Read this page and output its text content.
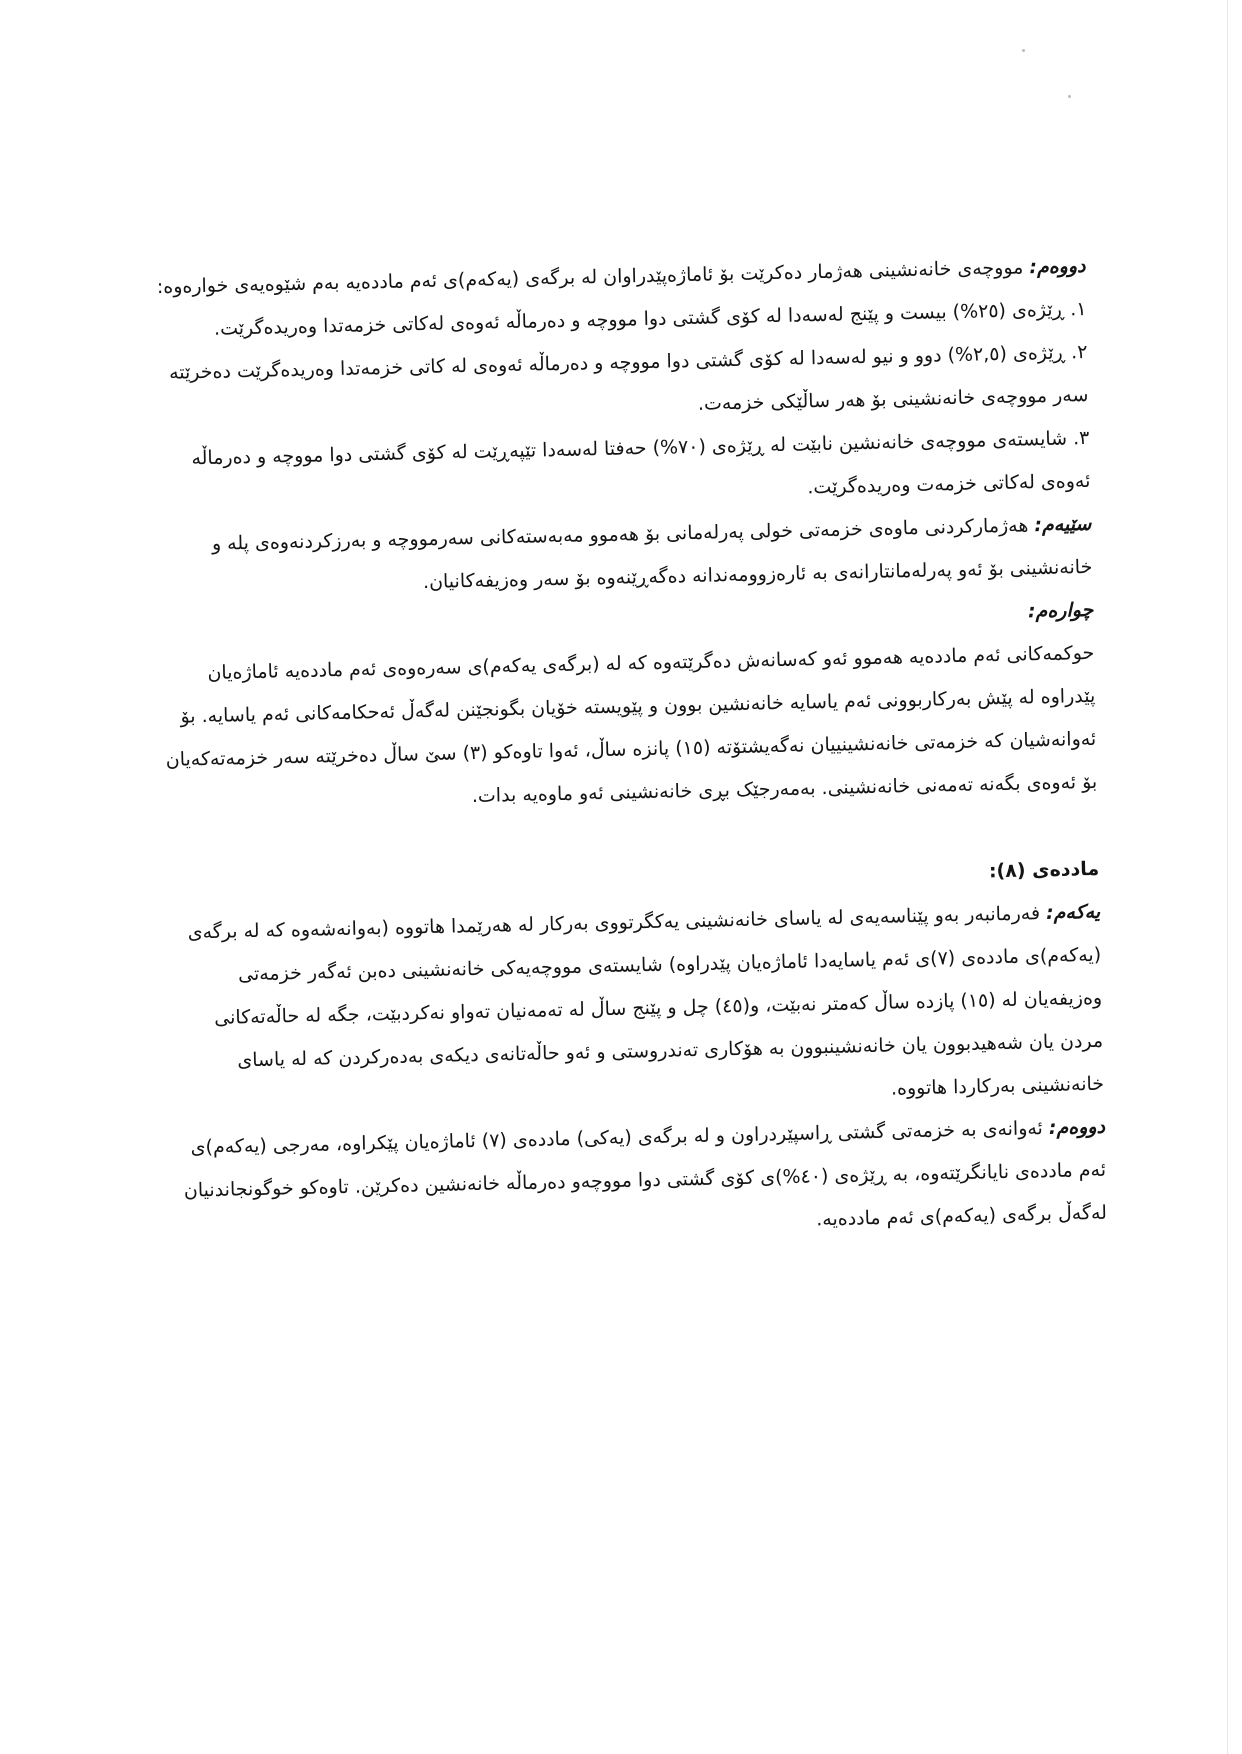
دووەم: مووچەی خانەنشینی هەژمار دەکرێت بۆ ئاماژەپێدراوان لە برگەی (یەکەم)ی ئەم ماددەیە بەم شێوەیەی خوارەوە:

١. ڕێژەی (٢٥%) بیست و پێنج لەسەدا لە کۆی گشتی دوا مووچە و دەرماڵە ئەوەی لەکاتی خزمەتدا وەریدەگرێت.

٢. ڕێژەی (٢,٥%) دوو و نیو لەسەدا لە کۆی گشتی دوا مووچە و دەرماڵە ئەوەی لە کاتی خزمەتدا وەریدەگرێت دەخرێتە سەر مووچەی خانەنشینی بۆ هەر ساڵێکی خزمەت.

٣. شایستەی مووچەی خانەنشین نابێت لە ڕێژەی (٧٠%) حەفتا لەسەدا تێپەڕێت لە کۆی گشتی دوا مووچە و دەرماڵە ئەوەی لەکاتی خزمەت وەریدەگرێت.

سێیەم: هەژمارکردنی ماوەی خزمەتی خولی پەرلەمانی بۆ هەموو مەبەستەکانی سەرمووچە و بەرزکردنەوەی پلە و خانەنشینی بۆ ئەو پەرلەمانتارانەی بە ئارەزوومەندانە دەگەڕێنەوە بۆ سەر وەزیفەکانیان.

چوارەم:

حوکمەکانی ئەم ماددەیە هەموو ئەو کەسانەش دەگرێتەوە کە لە (برگەی یەکەم)ی سەرەوەی ئەم ماددەیە ئاماژەیان پێدراوە لە پێش بەرکاربوونی ئەم یاسایە خانەنشین بوون و پێویستە خۆیان بگونجێنن لەگەڵ ئەحکامەکانی ئەم یاسایە. بۆ ئەوانەشیان کە خزمەتی خانەنشینییان نەگەیشتۆتە (١٥) پانزە ساڵ، ئەوا تاوەکو (٣) سێ ساڵ دەخرێتە سەر خزمەتەکەیان بۆ ئەوەی بگەنە تەمەنی خانەنشینی. بەمەرجێک بڕی خانەنشینی ئەو ماوەیە بدات.

ماددەی (٨):

یەکەم: فەرمانبەر بەو پێناسەیەی لە یاسای خانەنشینی یەکگرتووی بەرکار لە هەرێمدا هاتووە (بەوانەشەوە کە لە برگەی (یەکەم)ی ماددەی (٧)ی ئەم یاسایەدا ئاماژەیان پێدراوە) شایستەی مووچەیەکی خانەنشینی دەبن ئەگەر خزمەتی وەزیفەیان لە (١٥) پازدە ساڵ کەمتر نەبێت، و(٤٥) چل و پێنج ساڵ لە تەمەنیان تەواو نەکردبێت، جگە لە حاڵەتەکانی مردن یان شەهیدبوون یان خانەنشینبوون بە هۆکاری تەندروستی و ئەو حاڵەتانەی دیکەی بەدەرکردن کە لە یاسای خانەنشینی بەرکاردا هاتووە.

دووەم: ئەوانەی بە خزمەتی گشتی ڕاسپێردراون و لە برگەی (یەکی) ماددەی (٧) ئاماژەیان پێکراوە، مەرجی (یەکەم)ی ئەم ماددەی نایانگرێتەوە، بە ڕێژەی (٤٠%)ی کۆی گشتی دوا مووچەو دەرماڵە خانەنشین دەکرێن. تاوەکو خوگونجاندنیان لەگەڵ برگەی (یەکەم)ی ئەم ماددەیە.
